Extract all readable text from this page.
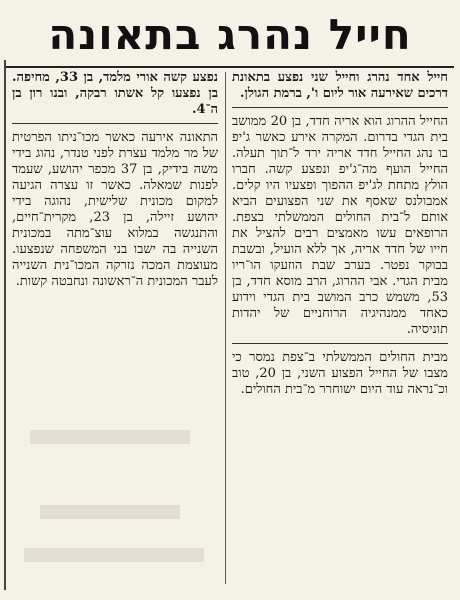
חייל נהרג בתאונה

חייל אחד נהרג וחייל שני נפצע בתאונת דרכים שאירעה אור ליום ו', ברמת הגולן.

החייל ההרוג הוא אריה חדד, בן 20 ממושב בית הגדי בדרום. המקרה אירע כאשר ג'יפ בו נהג החייל חדד אריה ירד ל־תוך תעלה. החייל הועף מה־ג'יפ ונפצע קשה. חברו הולץ מתחת לג'יפ ההפוך ופצעיו היו קלים. אמבולנס שאסף את שני הפצועים הביא אותם ל־בית החולים הממשלתי בצפת. הרופאים עשו מאמצים רבים להציל את חייו של חדד אריה, אך ללא הועיל, ובשבת בבוקר נפטר. בערב שבת הוזעקו הו־ריו מבית הגדי. אבי ההרוג, הרב מוסא חדד, בן 53, משמש כרב המושב בית הגדי וידוע כאחד ממנהיגיה הרוחניים של יהדות תוניסיה.

מבית החולים הממשלתי ב־צפת נמסר כי מצבו של החייל הפצוע השני, בן 20, טוב וכ־נראה עוד היום ישוחרר מ־בית החולים.

נפצע קשה אורי מלמד, בן 33, מחיפה. בן נפצעו קל אשתו רבקה, ובנו רון בן ה־4.

התאונה אירעה כאשר מכו־ניתו הפרטית של מר מלמד עצרת לפני טנדר, נהוג בידי משה בידיק, בן 37 מכפר יהושע, שעמד לפנות שמאלה. כאשר זו עצרה הגיעה למקום מכונית שלישית, נהוגה בידי יהושע זיילה, בן 23, מקרית־חיים, והתנגשה במלוא עוצ־מתה במכונית השנייה בה ישבו בני המשפחה שנפצעו. מעוצמת המכה נזרקה המכו־נית השנייה לעבר המכונית ה־ראשונה ונחבטה קשות.
